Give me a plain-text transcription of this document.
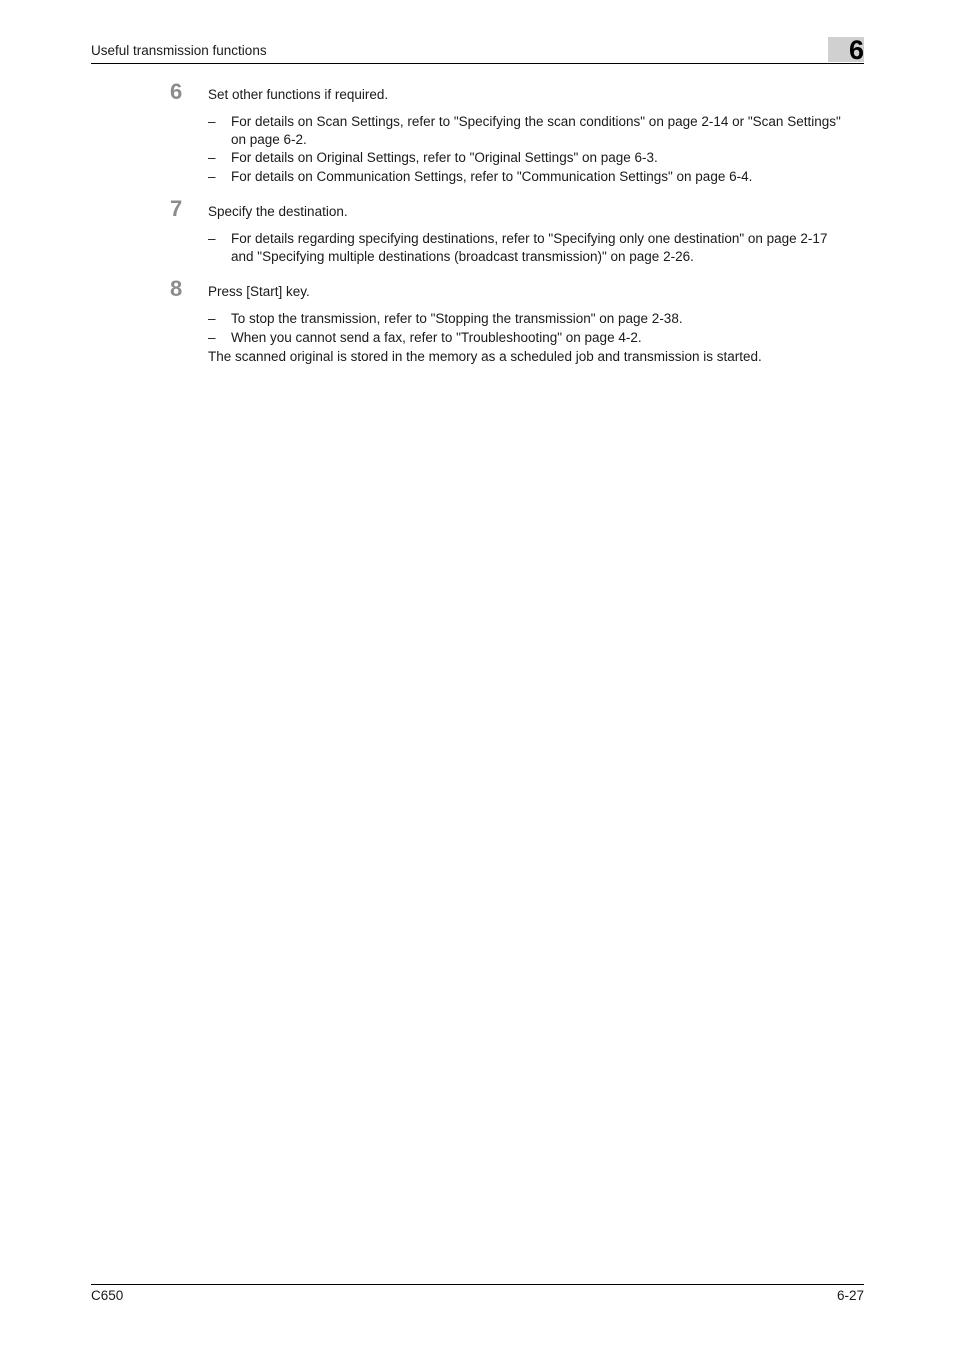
Useful transmission functions	6
6 Set other functions if required.
– For details on Scan Settings, refer to "Specifying the scan conditions" on page 2-14 or "Scan Settings" on page 6-2.
– For details on Original Settings, refer to "Original Settings" on page 6-3.
– For details on Communication Settings, refer to "Communication Settings" on page 6-4.
7 Specify the destination.
– For details regarding specifying destinations, refer to "Specifying only one destination" on page 2-17 and "Specifying multiple destinations (broadcast transmission)" on page 2-26.
8 Press [Start] key.
– To stop the transmission, refer to "Stopping the transmission" on page 2-38.
– When you cannot send a fax, refer to "Troubleshooting" on page 4-2.
The scanned original is stored in the memory as a scheduled job and transmission is started.
C650	6-27
